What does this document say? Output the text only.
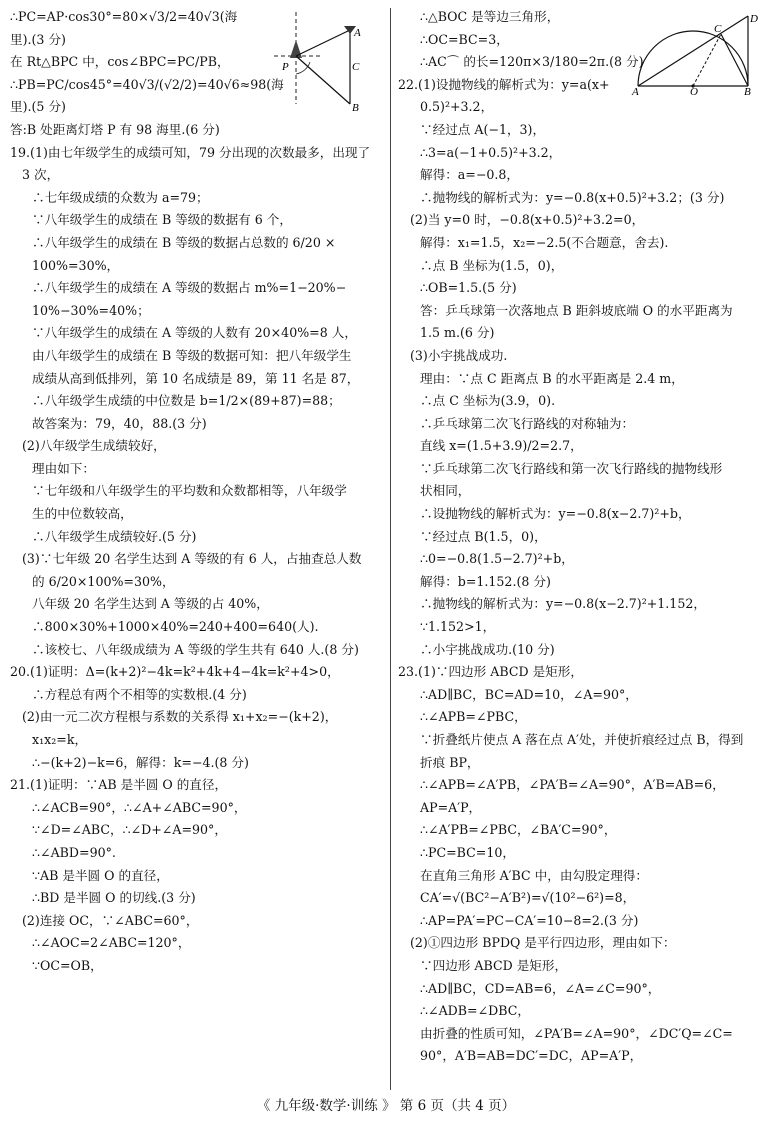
∴PC=AP·cos30°=80×√3/2=40√3(海
里).(3 分)
在 Rt△BPC 中，cos∠BPC=PC/PB，
∴PB=PC/cos45°=40√3/(√2/2)=40√6≈98(海
里).(5 分)
答:B 处距离灯塔 P 有 98 海里.(6 分)
19.(1)由七年级学生的成绩可知，79 分出现的次数最多，出现了
3 次，
∴七年级成绩的众数为 a=79；
∵八年级学生的成绩在 B 等级的数据有 6 个，
∴八年级学生的成绩在 B 等级的数据占总数的 6/20 ×
100%=30%，
∴八年级学生的成绩在 A 等级的数据占 m%=1−20%−
10%−30%=40%；
∵八年级学生的成绩在 A 等级的人数有 20×40%=8 人，
由八年级学生的成绩在 B 等级的数据可知：把八年级学生
成绩从高到低排列，第 10 名成绩是 89，第 11 名是 87，
∴八年级学生成绩的中位数是 b=1/2×(89+87)=88；
故答案为：79，40，88.(3 分)
(2)八年级学生成绩较好，
理由如下：
∵七年级和八年级学生的平均数和众数都相等，八年级学
生的中位数较高，
∴八年级学生成绩较好.(5 分)
(3)∵七年级 20 名学生达到 A 等级的有 6 人，占抽查总人数
的 6/20×100%=30%，
八年级 20 名学生达到 A 等级的占 40%，
∴800×30%+1000×40%=240+400=640(人).
∴该校七、八年级成绩为 A 等级的学生共有 640 人.(8 分)
20.(1)证明：Δ=(k+2)²−4k=k²+4k+4−4k=k²+4>0，
∴方程总有两个不相等的实数根.(4 分)
(2)由一元二次方程根与系数的关系得 x₁+x₂=−(k+2)，
x₁x₂=k，
∴−(k+2)−k=6，解得：k=−4.(8 分)
21.(1)证明：∵AB 是半圆 O 的直径，
∴∠ACB=90°，∴∠A+∠ABC=90°，
∵∠D=∠ABC，∴∠D+∠A=90°，
∴∠ABD=90°.
∵AB 是半圆 O 的直径，
∴BD 是半圆 O 的切线.(3 分)
(2)连接 OC，∵∠ABC=60°，
∴∠AOC=2∠ABC=120°，
∵OC=OB，
∴△BOC 是等边三角形，
∴OC=BC=3，
∴AC⌒ 的长=120π×3/180=2π.(8 分)
22.(1)设抛物线的解析式为：y=a(x+
0.5)²+3.2，
∵经过点 A(−1，3)，
∴3=a(−1+0.5)²+3.2，
解得：a=−0.8，
∴抛物线的解析式为：y=−0.8(x+0.5)²+3.2；(3 分)
(2)当 y=0 时，−0.8(x+0.5)²+3.2=0，
解得：x₁=1.5，x₂=−2.5(不合题意，舍去).
∴点 B 坐标为(1.5，0)，
∴OB=1.5.(5 分)
答：乒乓球第一次落地点 B 距斜坡底端 O 的水平距离为
1.5 m.(6 分)
(3)小宇挑战成功.
理由：∵点 C 距离点 B 的水平距离是 2.4 m，
∴点 C 坐标为(3.9，0).
∴乒乓球第二次飞行路线的对称轴为：
直线 x=(1.5+3.9)/2=2.7，
∵乒乓球第二次飞行路线和第一次飞行路线的抛物线形
状相同，
∴设抛物线的解析式为：y=−0.8(x−2.7)²+b，
∵经过点 B(1.5，0)，
∴0=−0.8(1.5−2.7)²+b，
解得：b=1.152.(8 分)
∴抛物线的解析式为：y=−0.8(x−2.7)²+1.152，
∵1.152>1，
∴小宇挑战成功.(10 分)
23.(1)∵四边形 ABCD 是矩形，
∴AD∥BC，BC=AD=10，∠A=90°，
∴∠APB=∠PBC，
∵折叠纸片使点 A 落在点 A′处，并使折痕经过点 B，得到
折痕 BP，
∴∠APB=∠A′PB，∠PA′B=∠A=90°，A′B=AB=6，
AP=A′P，
∴∠A′PB=∠PBC，∠BA′C=90°，
∴PC=BC=10，
在直角三角形 A′BC 中，由勾股定理得：
CA′=√(BC²−A′B²)=√(10²−6²)=8，
∴AP=PA′=PC−CA′=10−8=2.(3 分)
(2)①四边形 BPDQ 是平行四边形，理由如下：
∵四边形 ABCD 是矩形，
∴AD∥BC，CD=AB=6，∠A=∠C=90°，
∴∠ADB=∠DBC，
由折叠的性质可知，∠PA′B=∠A=90°，∠DC′Q=∠C=
90°，A′B=AB=DC′=DC，AP=A′P，
A
C
P
B
D
C
A	O	B
《 九年级·数学·训练 》 第 6 页（共 4 页）
